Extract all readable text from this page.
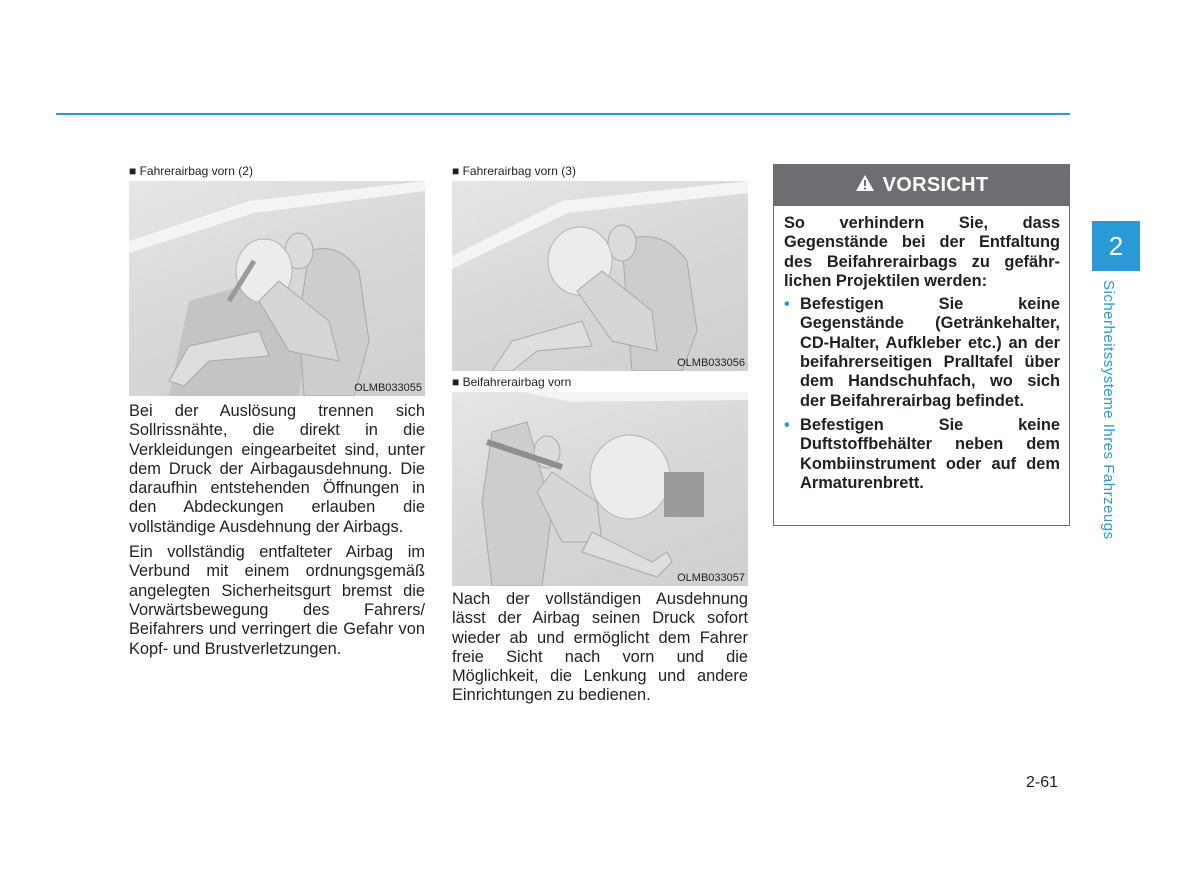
■ Fahrerairbag vorn (2)

OLMB033055

Bei der Auslösung trennen sich Sollrissnähte, die direkt in die Verkleidungen eingearbeitet sind, unter dem Druck der Airbagausdehnung. Die daraufhin entstehenden Öffnungen in den Abdeckungen erlauben die vollständige Ausdehnung der Airbags.

Ein vollständig entfalteter Airbag im Verbund mit einem ordnungsgemäß angelegten Sicherheitsgurt bremst die Vorwärtsbewegung des Fahrers/ Beifahrers und verringert die Gefahr von Kopf- und Brustverletzungen.

■ Fahrerairbag vorn (3)

OLMB033056

■ Beifahrerairbag vorn

OLMB033057

Nach der vollständigen Ausdehnung lässt der Airbag seinen Druck sofort wieder ab und ermöglicht dem Fahrer freie Sicht nach vorn und die Möglichkeit, die Lenkung und andere Einrichtungen zu bedienen.

VORSICHT

So verhindern Sie, dass Gegenstände bei der Entfaltung des Beifahrerairbags zu gefährlichen Projektilen werden:

• Befestigen Sie keine Gegenstände (Getränkehalter, CD-Halter, Aufkleber etc.) an der beifahrerseitigen Pralltafel über dem Handschuhfach, wo sich der Beifahrerairbag befindet.
• Befestigen Sie keine Duftstoffbehälter neben dem Kombiinstrument oder auf dem Armaturenbrett.
2
Sicherheitssysteme Ihres Fahrzeugs
2-61
